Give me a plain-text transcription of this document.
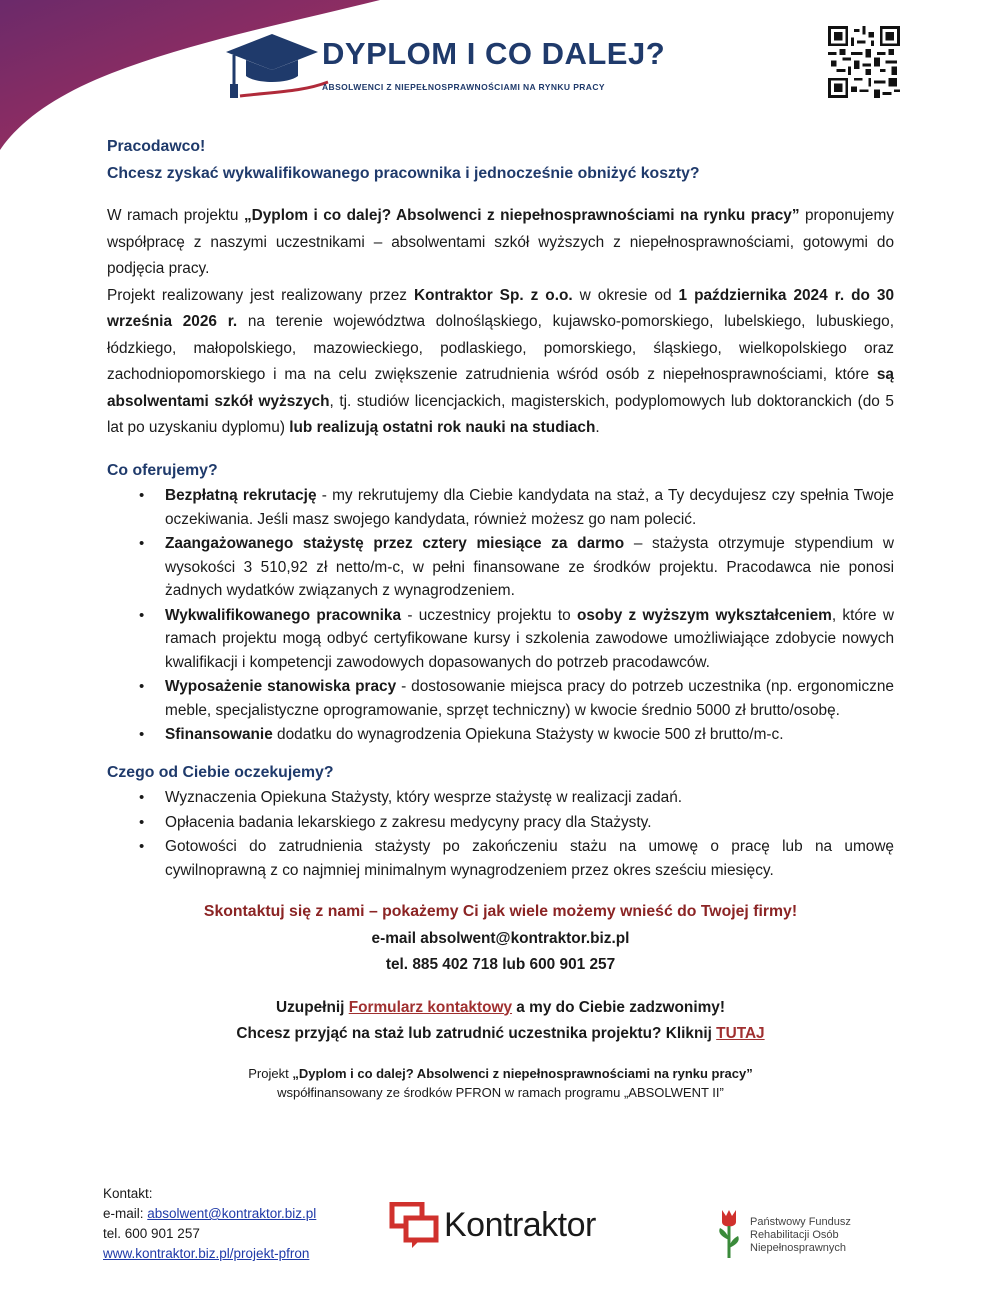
DYPLOM I CO DALEJ?
ABSOLWENCI Z NIEPEŁNOSPRAWNOŚCIAMI NA RYNKU PRACY
Pracodawco!
Chcesz zyskać wykwalifikowanego pracownika i jednocześnie obniżyć koszty?

W ramach projektu „Dyplom i co dalej? Absolwenci z niepełnosprawnościami na rynku pracy” proponujemy współpracę z naszymi uczestnikami – absolwentami szkół wyższych z niepełnosprawnościami, gotowymi do podjęcia pracy.

Projekt realizowany jest realizowany przez Kontraktor Sp. z o.o. w okresie od 1 października 2024 r. do 30 września 2026 r. na terenie województwa dolnośląskiego, kujawsko-pomorskiego, lubelskiego, lubuskiego, łódzkiego, małopolskiego, mazowieckiego, podlaskiego, pomorskiego, śląskiego, wielkopolskiego oraz zachodniopomorskiego i ma na celu zwiększenie zatrudnienia wśród osób z niepełnosprawnościami, które są absolwentami szkół wyższych, tj. studiów licencjackich, magisterskich, podyplomowych lub doktoranckich (do 5 lat po uzyskaniu dyplomu) lub realizują ostatni rok nauki na studiach.

Co oferujemy?
• Bezpłatną rekrutację - my rekrutujemy dla Ciebie kandydata na staż, a Ty decydujesz czy spełnia Twoje oczekiwania. Jeśli masz swojego kandydata, również możesz go nam polecić.
• Zaangażowanego stażystę przez cztery miesiące za darmo – stażysta otrzymuje stypendium w wysokości 3 510,92 zł netto/m-c, w pełni finansowane ze środków projektu. Pracodawca nie ponosi żadnych wydatków związanych z wynagrodzeniem.
• Wykwalifikowanego pracownika - uczestnicy projektu to osoby z wyższym wykształceniem, które w ramach projektu mogą odbyć certyfikowane kursy i szkolenia zawodowe umożliwiające zdobycie nowych kwalifikacji i kompetencji zawodowych dopasowanych do potrzeb pracodawców.
• Wyposażenie stanowiska pracy - dostosowanie miejsca pracy do potrzeb uczestnika (np. ergonomiczne meble, specjalistyczne oprogramowanie, sprzęt techniczny) w kwocie średnio 5000 zł brutto/osobę.
• Sfinansowanie dodatku do wynagrodzenia Opiekuna Stażysty w kwocie 500 zł brutto/m-c.
Czego od Ciebie oczekujemy?
• Wyznaczenia Opiekuna Stażysty, który wesprze stażystę w realizacji zadań.
• Opłacenia badania lekarskiego z zakresu medycyny pracy dla Stażysty.
• Gotowości do zatrudnienia stażysty po zakończeniu stażu na umowę o pracę lub na umowę cywilnoprawną z co najmniej minimalnym wynagrodzeniem przez okres sześciu miesięcy.
Skontaktuj się z nami – pokażemy Ci jak wiele możemy wnieść do Twojej firmy!
e-mail absolwent@kontraktor.biz.pl
tel. 885 402 718 lub 600 901 257
Uzupełnij Formularz kontaktowy a my do Ciebie zadzwonimy!
Chcesz przyjąć na staż lub zatrudnić uczestnika projektu? Kliknij TUTAJ
Projekt „Dyplom i co dalej? Absolwenci z niepełnosprawnościami na rynku pracy”
współfinansowany ze środków PFRON w ramach programu „ABSOLWENT II”
Kontakt:
e-mail: absolwent@kontraktor.biz.pl
tel. 600 901 257
www.kontraktor.biz.pl/projekt-pfron
Kontraktor	Państwowy Fundusz
Rehabilitacji Osób
Niepełnosprawnych
